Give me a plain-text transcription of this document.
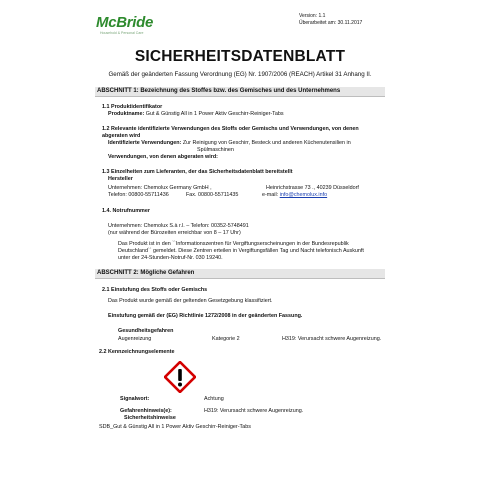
McBride
Household & Personal Care
Version: 1.1
Überarbeitet am: 30.11.2017
SICHERHEITSDATENBLATT
Gemäß der geänderten Fassung Verordnung (EG) Nr. 1907/2006 (REACH) Artikel 31 Anhang II.
ABSCHNITT 1: Bezeichnung des Stoffes bzw. des Gemisches und des Unternehmens
1.1 Produktidentifikator
Produktname: Gut & Günstig All in 1 Power Aktiv Geschirr-Reiniger-Tabs
1.2 Relevante identifizierte Verwendungen des Stoffs oder Gemischs und Verwendungen, von denen
abgeraten wird
Identifizierte Verwendungen: Zur Reinigung von Geschirr, Besteck und anderen Küchenutensilien in
Spülmaschinen
Verwendungen, von denen abgeraten wird:
1.3 Einzelheiten zum Lieferanten, der das Sicherheitsdatenblatt bereitstellt
Hersteller
Unternehmen: Chemolux Germany GmbH ,	Heinrichstrasse 73 ., 40239 Düsseldorf
Telefon: 00800-55711436	Fax. 00800-55711435	e-mail: info@chemolux.info
1.4. Notrufnummer
Unternehmen: Chemolux S.à r.l. – Telefon: 00352-5748491
(nur während der Bürozeiten erreichbar von 8 – 17 Uhr)
Das Produkt ist in den ``Informationszentren für Vergiftungserscheinungen in der Bundesrepublik
Deutschland`` gemeldet. Diese Zentren erteilen in Vergiftungsfällen Tag und Nacht telefonisch Auskunft
unter der 24-Stunden-Notruf-Nr. 030 19240.
ABSCHNITT 2: Mögliche Gefahren
2.1 Einstufung des Stoffs oder Gemischs
Das Produkt wurde gemäß der geltenden Gesetzgebung klassifiziert.
Einstufung gemäß der (EG) Richtlinie 1272/2008 in der geänderten Fassung.
Gesundheitsgefahren
Augenreizung	Kategorie 2	H319: Verursacht schwere Augenreizung.
2.2 Kennzeichnungselemente
Signalwort:	Achtung
Gefahrenhinweis(e):	H319: Verursacht schwere Augenreizung.
Sicherheitshinweise
SDB_Gut & Günstig All in 1 Power Aktiv Geschirr-Reiniger-Tabs
